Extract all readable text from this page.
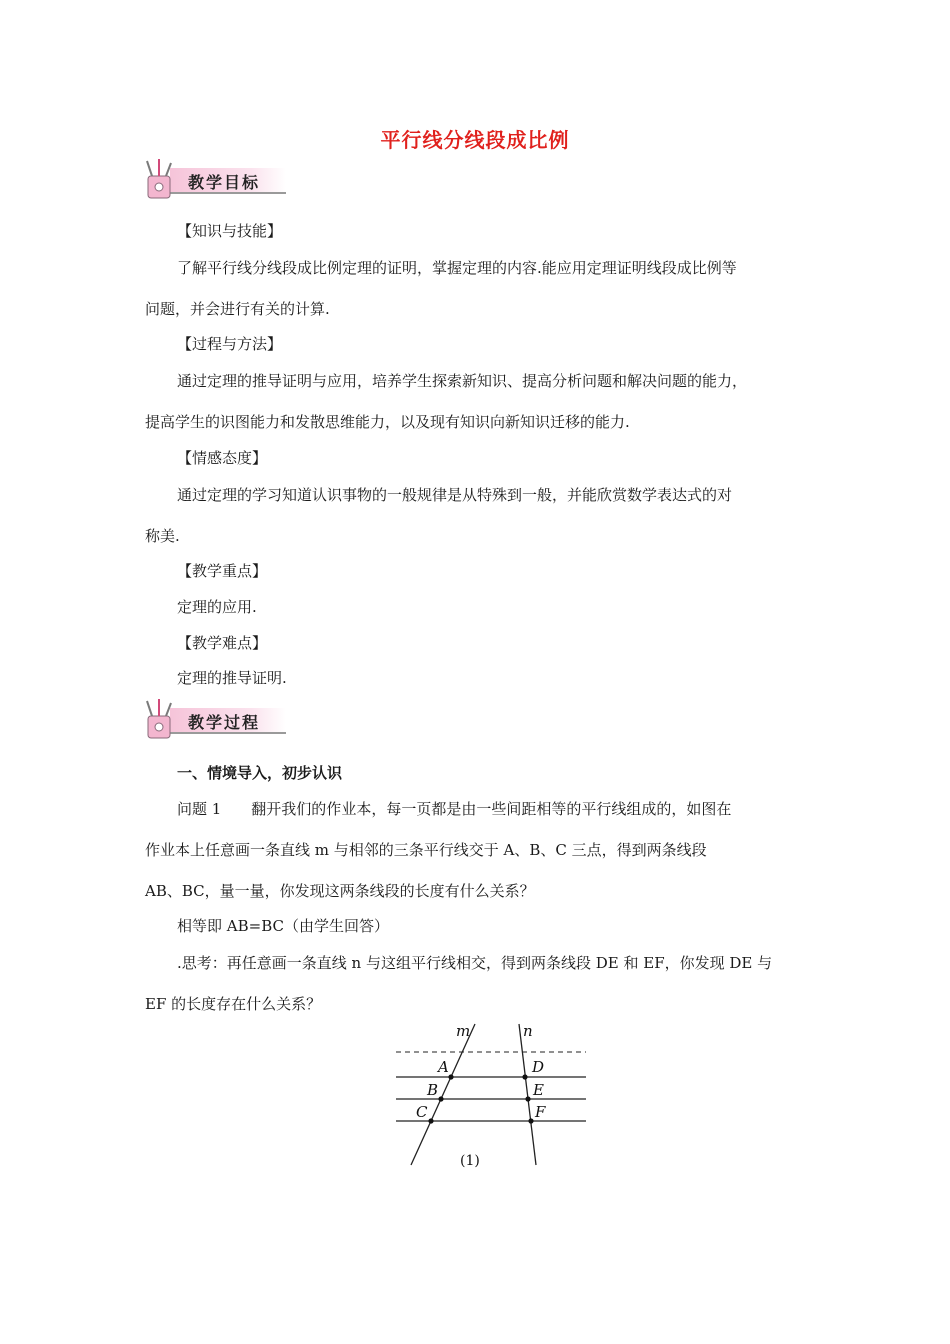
平行线分线段成比例
教学目标
【知识与技能】
了解平行线分线段成比例定理的证明，掌握定理的内容.能应用定理证明线段成比例等
问题，并会进行有关的计算.
【过程与方法】
通过定理的推导证明与应用，培养学生探索新知识、提高分析问题和解决问题的能力，
提高学生的识图能力和发散思维能力，以及现有知识向新知识迁移的能力.
【情感态度】
通过定理的学习知道认识事物的一般规律是从特殊到一般，并能欣赏数学表达式的对
称美.
【教学重点】
定理的应用.
【教学难点】
定理的推导证明.
教学过程
一、情境导入，初步认识
问题 1　　翻开我们的作业本，每一页都是由一些间距相等的平行线组成的，如图在
作业本上任意画一条直线 m 与相邻的三条平行线交于 A、B、C 三点，得到两条线段
AB、BC，量一量，你发现这两条线段的长度有什么关系？
相等即 AB=BC（由学生回答）
.思考：再任意画一条直线 n 与这组平行线相交，得到两条线段 DE 和 EF，你发现 DE 与
EF 的长度存在什么关系？
m	n
A
B
C
D
E
F
(1)
